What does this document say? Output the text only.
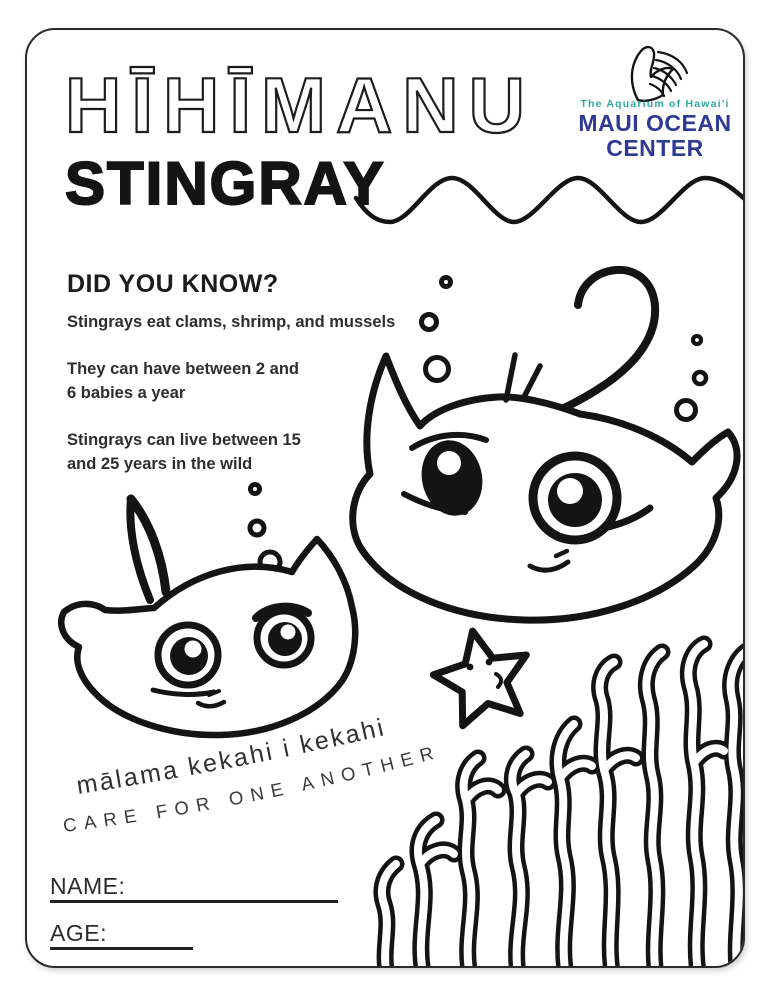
mālama kekahi i kekahi
CARE FOR ONE ANOTHER
HĪHĪMANU
STINGRAY
The Aquarium of Hawai'i
MAUI OCEAN
CENTER
DID YOU KNOW?

Stingrays eat clams, shrimp, and mussels

They can have between 2 and 6 babies a year

Stingrays can live between 15 and 25 years in the wild

NAME:
AGE:
